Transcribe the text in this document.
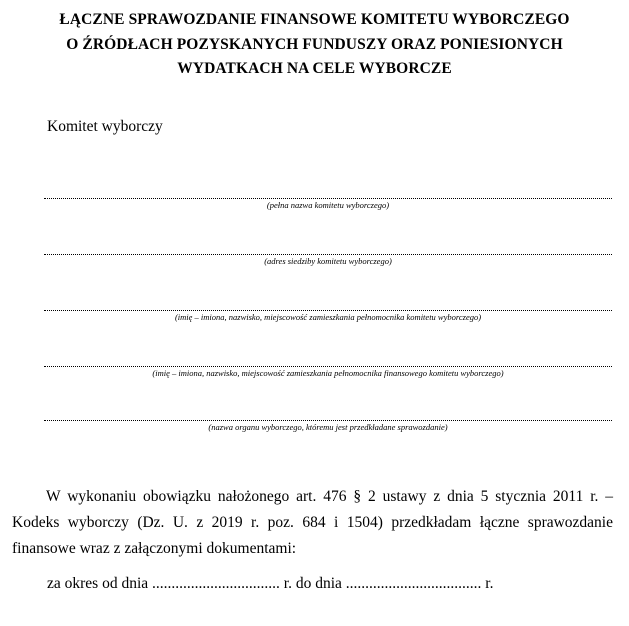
ŁĄCZNE SPRAWOZDANIE FINANSOWE KOMITETU WYBORCZEGO
O ŹRÓDŁACH POZYSKANYCH FUNDUSZY ORAZ PONIESIONYCH
WYDATKACH NA CELE WYBORCZE
Komitet wyborczy
(pełna nazwa komitetu wyborczego)
(adres siedziby komitetu wyborczego)
(imię – imiona, nazwisko, miejscowość zamieszkania pełnomocnika komitetu wyborczego)
(imię – imiona, nazwisko, miejscowość zamieszkania pełnomocnika finansowego komitetu wyborczego)
(nazwa organu wyborczego, któremu jest przedkładane sprawozdanie)
W wykonaniu obowiązku nałożonego art. 476 § 2 ustawy z dnia 5 stycznia 2011 r. – Kodeks wyborczy (Dz. U. z 2019 r. poz. 684 i 1504) przedkładam łączne sprawozdanie finansowe wraz z załączonymi dokumentami:
za okres od dnia ................................. r. do dnia ................................... r.
